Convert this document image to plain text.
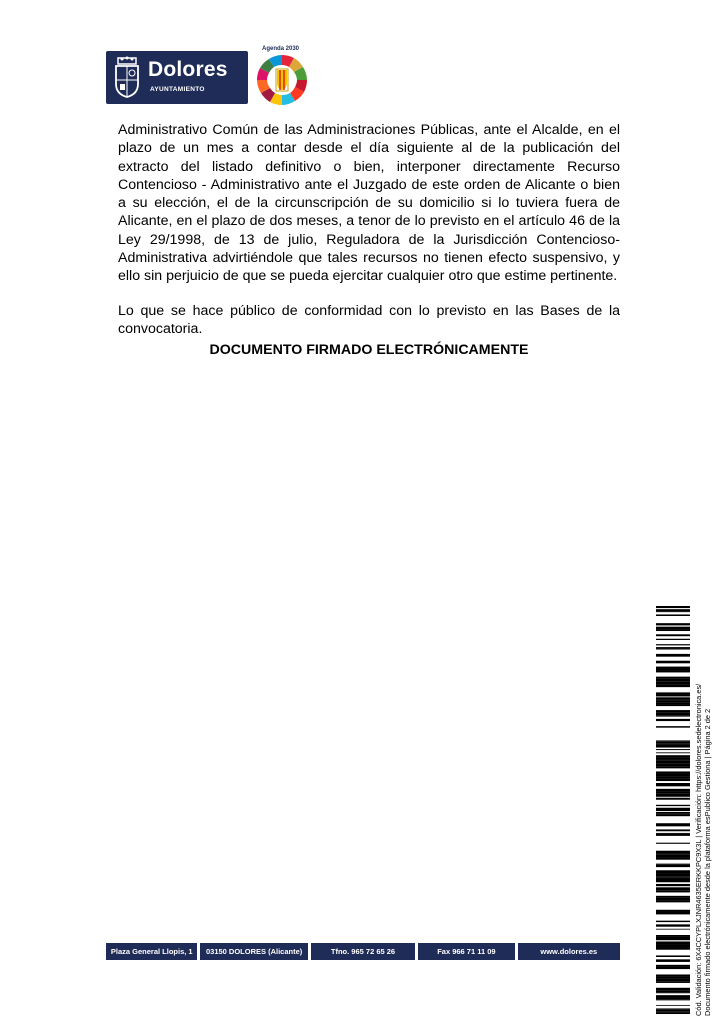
Dolores
AYUNTAMIENTO
Agenda 2030

Administrativo Común de las Administraciones Públicas, ante el Alcalde, en el plazo de un mes a contar desde el día siguiente al de la publicación del extracto del listado definitivo o bien, interponer directamente Recurso Contencioso - Administrativo ante el Juzgado de este orden de Alicante o bien a su elección, el de la circunscripción de su domicilio si lo tuviera fuera de Alicante, en el plazo de dos meses, a tenor de lo previsto en el artículo 46 de la Ley 29/1998, de 13 de julio, Reguladora de la Jurisdicción Contencioso-Administrativa advirtiéndole que tales recursos no tienen efecto suspensivo, y ello sin perjuicio de que se pueda ejercitar cualquier otro que estime pertinente.

Lo que se hace público de conformidad con lo previsto en las Bases de la convocatoria.

DOCUMENTO FIRMADO ELECTRÓNICAMENTE
Cód. Validación: 6X4CCYPLXJNR4635ERKKPC9X3L | Verificación: https://dolores.sedelectronica.es/ Documento firmado electrónicamente desde la plataforma esPublico Gestiona | Página 2 de 2
Plaza General Llopis, 1	03150 DOLORES (Alicante)	Tfno. 965 72 65 26	Fax 966 71 11 09	www.dolores.es
